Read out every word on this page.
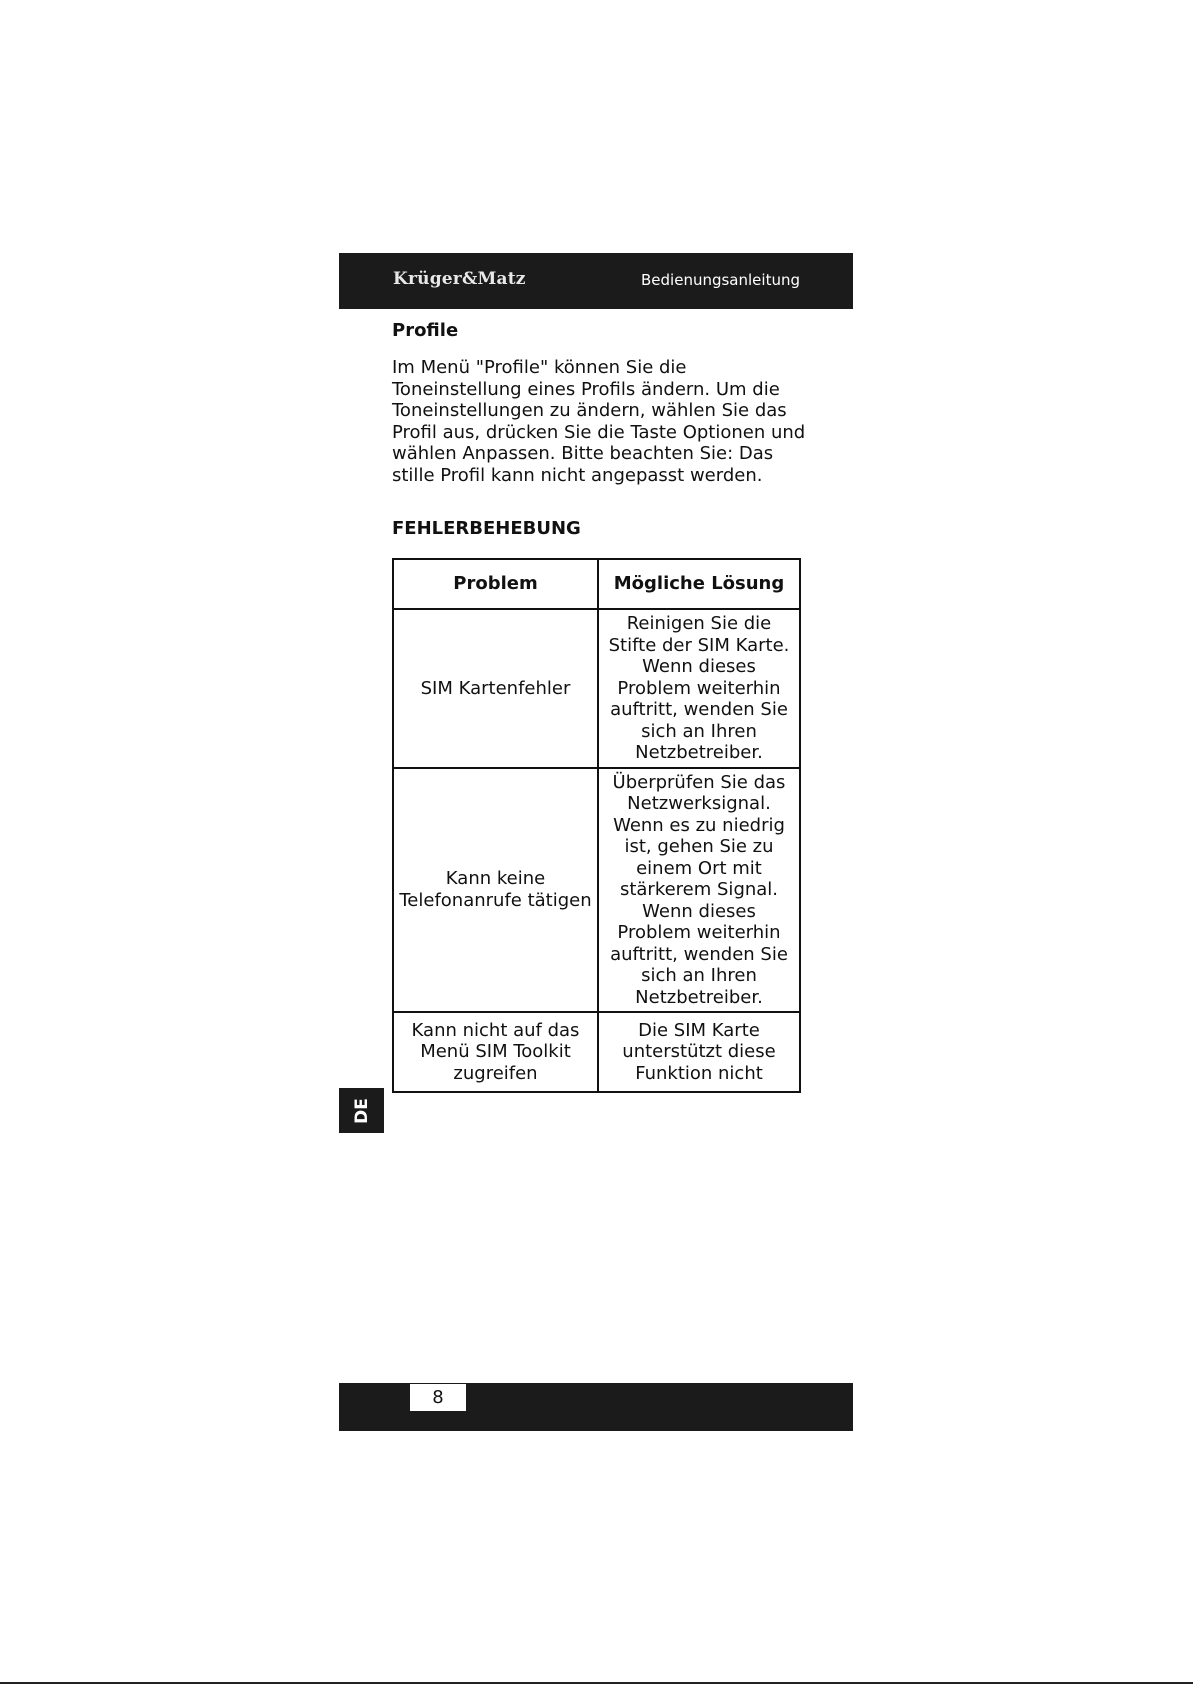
Krüger&Matz	Bedienungsanleitung
Profile

Im Menü "Profile" können Sie die Toneinstellung eines Profils ändern. Um die Toneinstellungen zu ändern, wählen Sie das Profil aus, drücken Sie die Taste Optionen und wählen Anpassen. Bitte beachten Sie: Das stille Profil kann nicht angepasst werden.

FEHLERBEHEBUNG
Problem	Mögliche Lösung
SIM Kartenfehler	Reinigen Sie die Stifte der SIM Karte. Wenn dieses Problem weiterhin auftritt, wenden Sie sich an Ihren Netzbetreiber.
Kann keine Telefonanrufe tätigen	Überprüfen Sie das Netzwerksignal. Wenn es zu niedrig ist, gehen Sie zu einem Ort mit stärkerem Signal. Wenn dieses Problem weiterhin auftritt, wenden Sie sich an Ihren Netzbetreiber.
Kann nicht auf das Menü SIM Toolkit zugreifen	Die SIM Karte unterstützt diese Funktion nicht
DE
8
